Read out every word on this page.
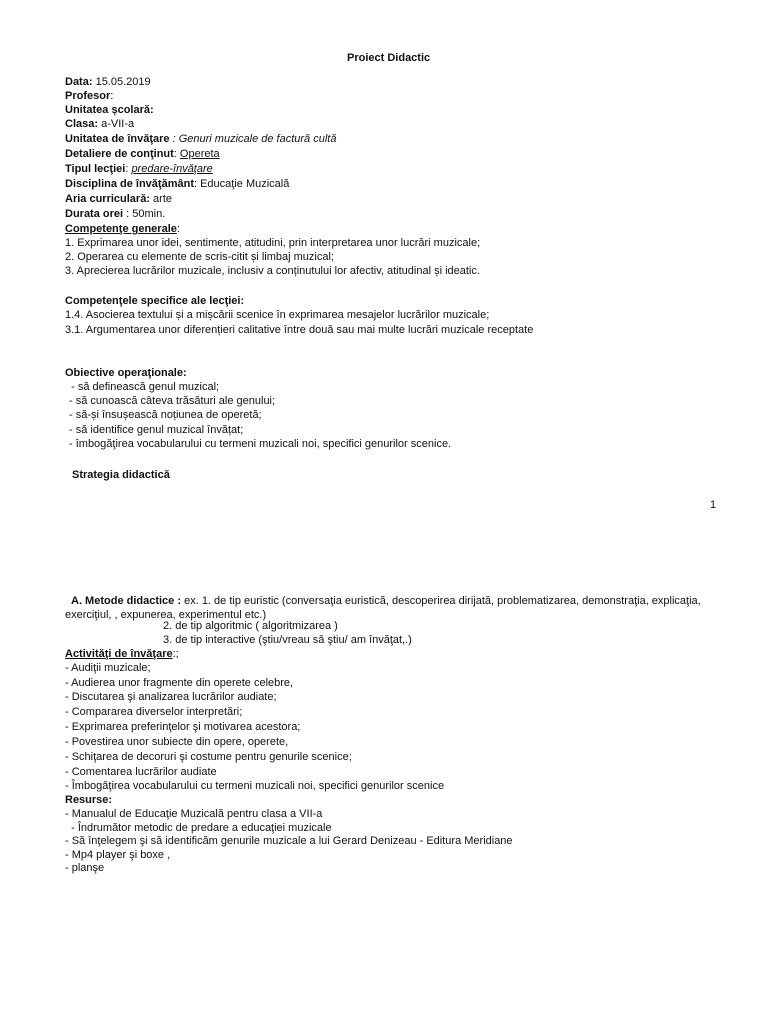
Proiect Didactic
Data: 15.05.2019
Profesor:
Unitatea școlară:
Clasa: a-VII-a
Unitatea de învăţare : Genuri muzicale de factură cultă
Detaliere de conţinut: Opereta
Tipul lecţiei: predare-învăţare
Disciplina de învăţământ: Educaţie Muzicală
Aria curriculară: arte
Durata orei : 50min.
Competenţe generale:
1. Exprimarea unor idei, sentimente, atitudini, prin interpretarea unor lucrări muzicale;
2. Operarea cu elemente de scris-citit și limbaj muzical;
3. Aprecierea lucrărilor muzicale, inclusiv a conținutului lor afectiv, atitudinal și ideatic.
Competenţele specifice ale lecţiei:
1.4. Asocierea textului și a mișcării scenice în exprimarea mesajelor lucrărilor muzicale;
3.1. Argumentarea unor diferențieri calitative între două sau mai multe lucrări muzicale receptate
Obiective operaţionale:
- să definească genul muzical;
- să cunoască câteva trăsături ale genului;
- să-și însușească noțiunea de operetă;
- să identifice genul muzical învățat;
- îmbogăţirea vocabularului cu termeni muzicali noi, specifici genurilor scenice.
Strategia didactică
1
A. Metode didactice : ex. 1. de tip euristic (conversaţia euristică, descoperirea dirijată, problematizarea, demonstraţia, explicaţia, exerciţiul, , expunerea, experimentul etc.)
2. de tip algoritmic ( algoritmizarea )
3. de tip interactive (ştiu/vreau să ştiu/ am învăţat,.)
Activităţi de învăţare:;
- Audiţii muzicale;
- Audierea unor fragmente din operete celebre,
- Discutarea şi analizarea lucrărilor audiate;
- Compararea diverselor interpretări;
- Exprimarea preferinţelor şi motivarea acestora;
- Povestirea unor subiecte din opere, operete,
- Schiţarea de decoruri şi costume pentru genurile scenice;
- Comentarea lucrărilor audiate
- Îmbogăţirea vocabularului cu termeni muzicali noi, specifici genurilor scenice
Resurse:
- Manualul de Educaţie Muzicală pentru clasa a VII-a
- Îndrumător metodic de predare a educaţiei muzicale
- Să înţelegem şi să identificăm genurile muzicale a lui Gerard Denizeau - Editura Meridiane
- Mp4 player şi boxe ,
- planşe
